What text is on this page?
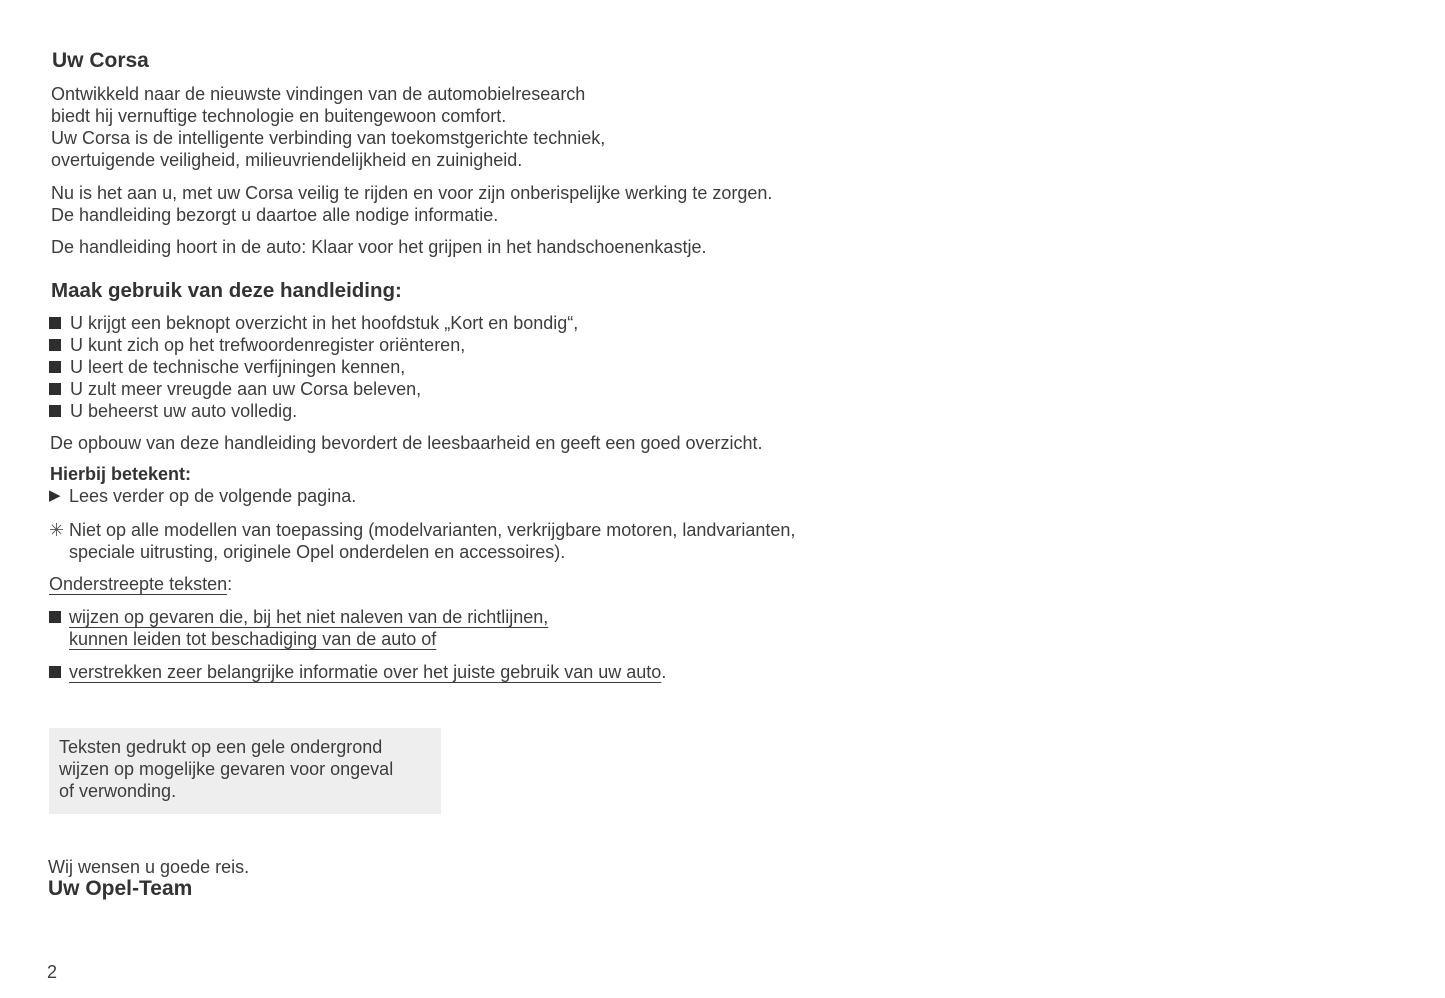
Uw Corsa
Ontwikkeld naar de nieuwste vindingen van de automobielresearch
biedt hij vernuftige technologie en buitengewoon comfort.
Uw Corsa is de intelligente verbinding van toekomstgerichte techniek,
overtuigende veiligheid, milieuvriendelijkheid en zuinigheid.
Nu is het aan u, met uw Corsa veilig te rijden en voor zijn onberispelijke werking te zorgen.
De handleiding bezorgt u daartoe alle nodige informatie.
De handleiding hoort in de auto: Klaar voor het grijpen in het handschoenenkastje.
Maak gebruik van deze handleiding:
U krijgt een beknopt overzicht in het hoofdstuk „Kort en bondig“,
U kunt zich op het trefwoordenregister oriënteren,
U leert de technische verfijningen kennen,
U zult meer vreugde aan uw Corsa beleven,
U beheerst uw auto volledig.
De opbouw van deze handleiding bevordert de leesbaarheid en geeft een goed overzicht.
Hierbij betekent:
▶ Lees verder op de volgende pagina.
✳ Niet op alle modellen van toepassing (modelvarianten, verkrijgbare motoren, landvarianten,
speciale uitrusting, originele Opel onderdelen en accessoires).
Onderstreepte teksten:
wijzen op gevaren die, bij het niet naleven van de richtlijnen,
kunnen leiden tot beschadiging van de auto of
verstrekken zeer belangrijke informatie over het juiste gebruik van uw auto.
Teksten gedrukt op een gele ondergrond
wijzen op mogelijke gevaren voor ongeval
of verwonding.
Wij wensen u goede reis.
Uw Opel-Team
2
